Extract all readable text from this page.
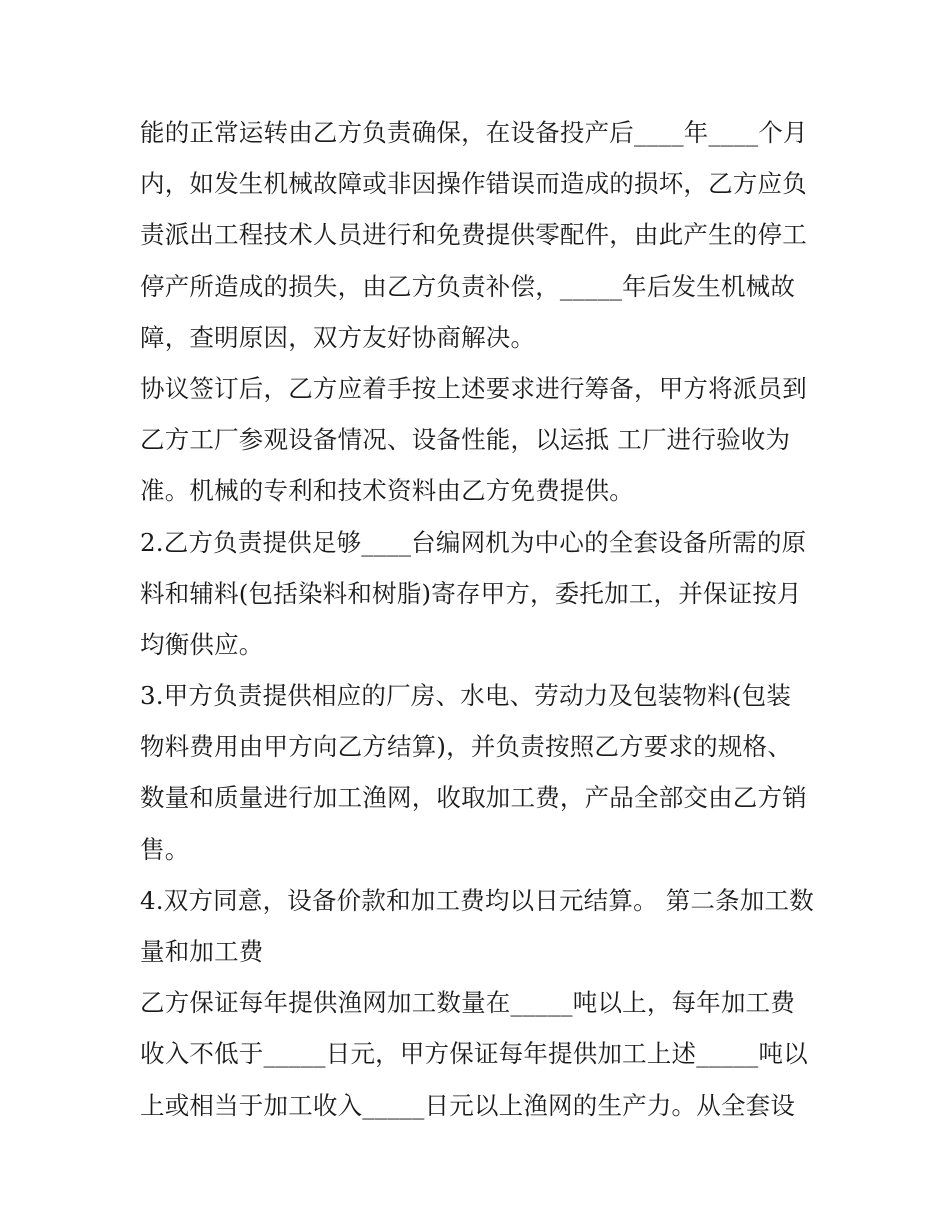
能的正常运转由乙方负责确保，在设备投产后____年____个月
内，如发生机械故障或非因操作错误而造成的损坏，乙方应负
责派出工程技术人员进行和免费提供零配件，由此产生的停工
停产所造成的损失，由乙方负责补偿，_____年后发生机械故
障，查明原因，双方友好协商解决。
协议签订后，乙方应着手按上述要求进行筹备，甲方将派员到
乙方工厂参观设备情况、设备性能，以运抵 工厂进行验收为
准。机械的专利和技术资料由乙方免费提供。
2.乙方负责提供足够____台编网机为中心的全套设备所需的原
料和辅料(包括染料和树脂)寄存甲方，委托加工，并保证按月
均衡供应。
3.甲方负责提供相应的厂房、水电、劳动力及包装物料(包装
物料费用由甲方向乙方结算)，并负责按照乙方要求的规格、
数量和质量进行加工渔网，收取加工费，产品全部交由乙方销
售。
4.双方同意，设备价款和加工费均以日元结算。 第二条加工数
量和加工费
乙方保证每年提供渔网加工数量在_____吨以上，每年加工费
收入不低于_____日元，甲方保证每年提供加工上述_____吨以
上或相当于加工收入_____日元以上渔网的生产力。从全套设
